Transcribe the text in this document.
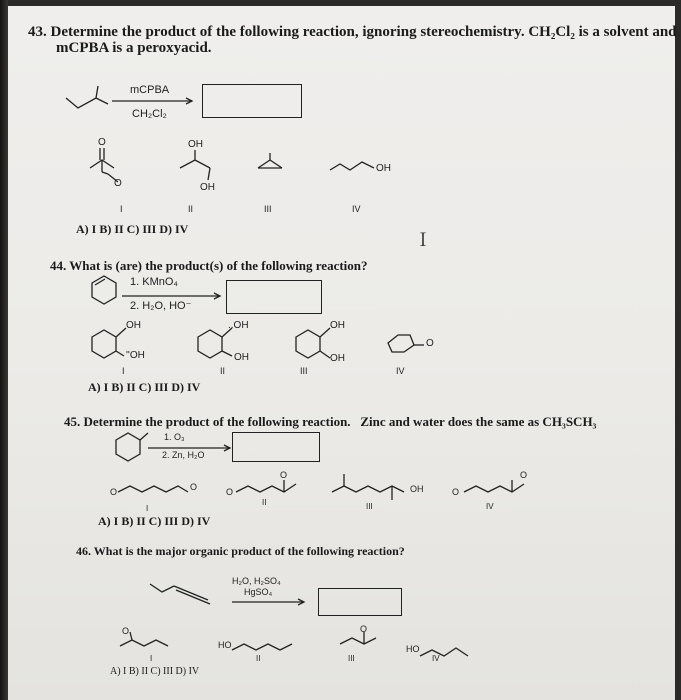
43. Determine the product of the following reaction, ignoring stereochemistry. CH₂Cl₂ is a solvent and
mCPBA is a peroxyacid.
mCPBA
CH₂Cl₂
O	OH
O	OH
OH
I	II	III	IV
A) I B) II C) III D) IV
Ｉ
44. What is (are) the product(s) of the following reaction?
1. KMnO₄
2. H₂O, HO⁻
OH
''OH
..OH
OH
OH
OH
O
I	II	III	IV
A) I B) II C) III D) IV
45. Determine the product of the following reaction. Zinc and water does the same as CH₃SCH₃
1. O₃
2. Zn, H₂O
O	O	O
O
OH	O
O
I
II	III	IV
A) I B) II C) III D) IV
46. What is the major organic product of the following reaction?
H₂O, H₂SO₄
HgSO₄
O
HO
O
HO
I	II	III	IV
A) I B) II C) III D) IV
